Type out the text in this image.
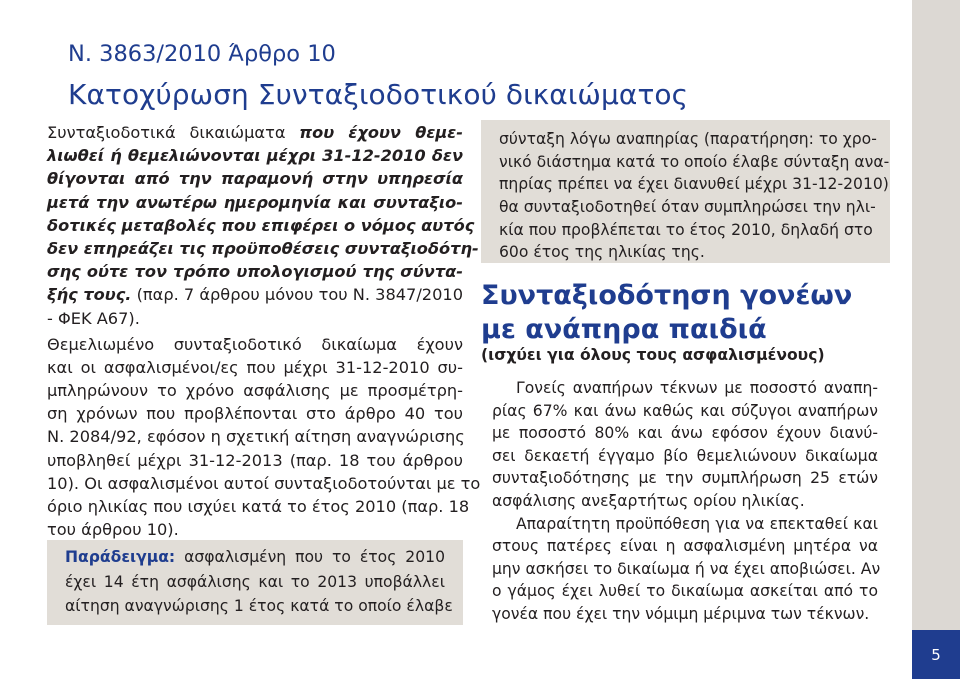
5
N. 3863/2010 Άρθρο 10
Κατοχύρωση Συνταξιοδοτικού δικαιώματος
Συνταξιοδοτικά δικαιώματα που έχουν θεμε-
λιωθεί ή θεμελιώνονται μέχρι 31-12-2010 δεν
θίγονται από την παραμονή στην υπηρεσία
μετά την ανωτέρω ημερομηνία και συνταξιο-
δοτικές μεταβολές που επιφέρει ο νόμος αυτός
δεν επηρεάζει τις προϋποθέσεις συνταξιοδότη-
σης ούτε τον τρόπο υπολογισμού της σύντα-
ξής τους. (παρ. 7 άρθρου μόνου του Ν. 3847/2010
- ΦΕΚ Α67).
Θεμελιωμένο συνταξιοδοτικό δικαίωμα έχουν
και οι ασφαλισμένοι/ες που μέχρι 31-12-2010 συ-
μπληρώνουν το χρόνο ασφάλισης με προσμέτρη-
ση χρόνων που προβλέπονται στο άρθρο 40 του
Ν. 2084/92, εφόσον η σχετική αίτηση αναγνώρισης
υποβληθεί μέχρι 31-12-2013 (παρ. 18 του άρθρου
10). Οι ασφαλισμένοι αυτοί συνταξιοδοτούνται με το
όριο ηλικίας που ισχύει κατά το έτος 2010 (παρ. 18
του άρθρου 10).
Παράδειγμα: ασφαλισμένη που το έτος 2010
έχει 14 έτη ασφάλισης και το 2013 υποβάλλει
αίτηση αναγνώρισης 1 έτος κατά το οποίο έλαβε
σύνταξη λόγω αναπηρίας (παρατήρηση: το χρο-
νικό διάστημα κατά το οποίο έλαβε σύνταξη ανα-
πηρίας πρέπει να έχει διανυθεί μέχρι 31-12-2010)
θα συνταξιοδοτηθεί όταν συμπληρώσει την ηλι-
κία που προβλέπεται το έτος 2010, δηλαδή στο
60ο έτος της ηλικίας της.
Συνταξιοδότηση γονέων
με ανάπηρα παιδιά
(ισχύει για όλους τους ασφαλισμένους)
Γονείς αναπήρων τέκνων με ποσοστό αναπη-
ρίας 67% και άνω καθώς και σύζυγοι αναπήρων
με ποσοστό 80% και άνω εφόσον έχουν διανύ-
σει δεκαετή έγγαμο βίο θεμελιώνουν δικαίωμα
συνταξιοδότησης με την συμπλήρωση 25 ετών
ασφάλισης ανεξαρτήτως ορίου ηλικίας.
Απαραίτητη προϋπόθεση για να επεκταθεί και
στους πατέρες είναι η ασφαλισμένη μητέρα να
μην ασκήσει το δικαίωμα ή να έχει αποβιώσει. Αν
ο γάμος έχει λυθεί το δικαίωμα ασκείται από το
γονέα που έχει την νόμιμη μέριμνα των τέκνων.
